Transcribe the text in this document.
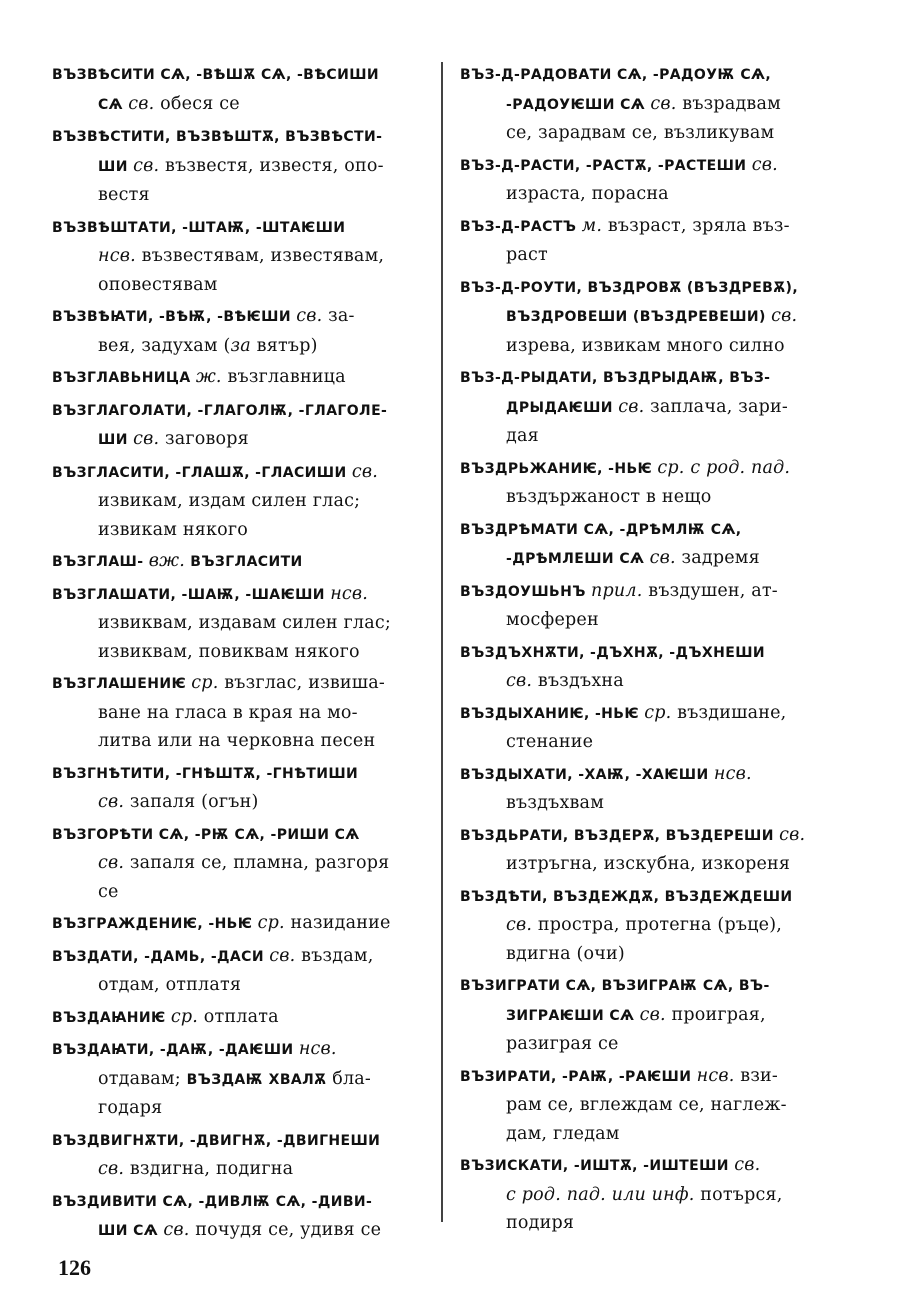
ВЪЗВѢСИТИ СѦ, -ВѢШѪ СѦ, -ВѢСИШИ
СѦ св. обеся се
ВЪЗВѢСТИТИ, ВЪЗВѢШТѪ, ВЪЗВѢСТИ-
ШИ св. възвестя, известя, опо-
вестя
ВЪЗВѢШТАТИ, -ШТАѬ, -ШТАѤШИ
нсв. възвестявам, известявам,
оповестявам
ВЪЗВѢꙖТИ, -ВѢѬ, -ВѢѤШИ св. за-
вея, задухам (за вятър)
ВЪЗГЛАВЬНИЦА ж. възглавница
ВЪЗГЛАГОЛАТИ, -ГЛАГОЛѬ, -ГЛАГОЛЕ-
ШИ св. заговоря
ВЪЗГЛАСИТИ, -ГЛАШѪ, -ГЛАСИШИ св.
извикам, издам силен глас;
извикам някого
ВЪЗГЛАШ- вж. ВЪЗГЛАСИТИ
ВЪЗГЛАШАТИ, -ШАѬ, -ШАѤШИ нсв.
извиквам, издавам силен глас;
извиквам, повиквам някого
ВЪЗГЛАШЕНИѤ ср. възглас, извиша-
ване на гласа в края на мо-
литва или на черковна песен
ВЪЗГНѢТИТИ, -ГНѢШТѪ, -ГНѢТИШИ
св. запаля (огън)
ВЪЗГОРѢТИ СѦ, -РѬ СѦ, -РИШИ СѦ
св. запаля се, пламна, разгоря
се
ВЪЗГРАЖДЕНИѤ, -НЬѤ ср. назидание
ВЪЗДАТИ, -ДАМЬ, -ДАСИ св. въздам,
отдам, отплатя
ВЪЗДАꙖНИѤ ср. отплата
ВЪЗДАꙖТИ, -ДАѬ, -ДАѤШИ нсв.
отдавам; ВЪЗДАѬ ХВАЛѪ бла-
годаря
ВЪЗДВИГНѪТИ, -ДВИГНѪ, -ДВИГНЕШИ
св. вздигна, подигна
ВЪЗДИВИТИ СѦ, -ДИВЛѬ СѦ, -ДИВИ-
ШИ СѦ св. почудя се, удивя се
ВЪЗ-Д-РАДОВАТИ СѦ, -РАДОУѬ СѦ,
-РАДОУѤШИ СѦ св. възрадвам
се, зарадвам се, възликувам
ВЪЗ-Д-РАСТИ, -РАСТѪ, -РАСТЕШИ св.
израста, порасна
ВЪЗ-Д-РАСТЪ м. възраст, зряла въз-
раст
ВЪЗ-Д-РОУТИ, ВЪЗДРОВѪ (ВЪЗДРЕВѪ),
ВЪЗДРОВЕШИ (ВЪЗДРЕВЕШИ) св.
изрева, извикам много силно
ВЪЗ-Д-РЫДАТИ, ВЪЗДРЫДАѬ, ВЪЗ-
ДРЫДАѤШИ св. заплача, зари-
дая
ВЪЗДРЬЖАНИѤ, -НЬѤ ср. с род. пад.
въздържаност в нещо
ВЪЗДРѢМАТИ СѦ, -ДРѢМЛѬ СѦ,
-ДРѢМЛЕШИ СѦ св. задремя
ВЪЗДОУШЬНЪ прил. въздушен, ат-
мосферен
ВЪЗДЪХНѪТИ, -ДЪХНѪ, -ДЪХНЕШИ
св. въздъхна
ВЪЗДЫХАНИѤ, -НЬѤ ср. въздишане,
стенание
ВЪЗДЫХАТИ, -ХАѬ, -ХАѤШИ нсв.
въздъхвам
ВЪЗДЬРАТИ, ВЪЗДЕРѪ, ВЪЗДЕРЕШИ св.
изтръгна, изскубна, изкореня
ВЪЗДѢТИ, ВЪЗДЕЖДѪ, ВЪЗДЕЖДЕШИ
св. простра, протегна (ръце),
вдигна (очи)
ВЪЗИГРАТИ СѦ, ВЪЗИГРАѬ СѦ, ВЪ-
ЗИГРАѤШИ СѦ св. проиграя,
разиграя се
ВЪЗИРАТИ, -РАѬ, -РАѤШИ нсв. взи-
рам се, вглеждам се, наглеж-
дам, гледам
ВЪЗИСКАТИ, -ИШТѪ, -ИШТЕШИ св.
с род. пад. или инф. потърся,
подиря
126
